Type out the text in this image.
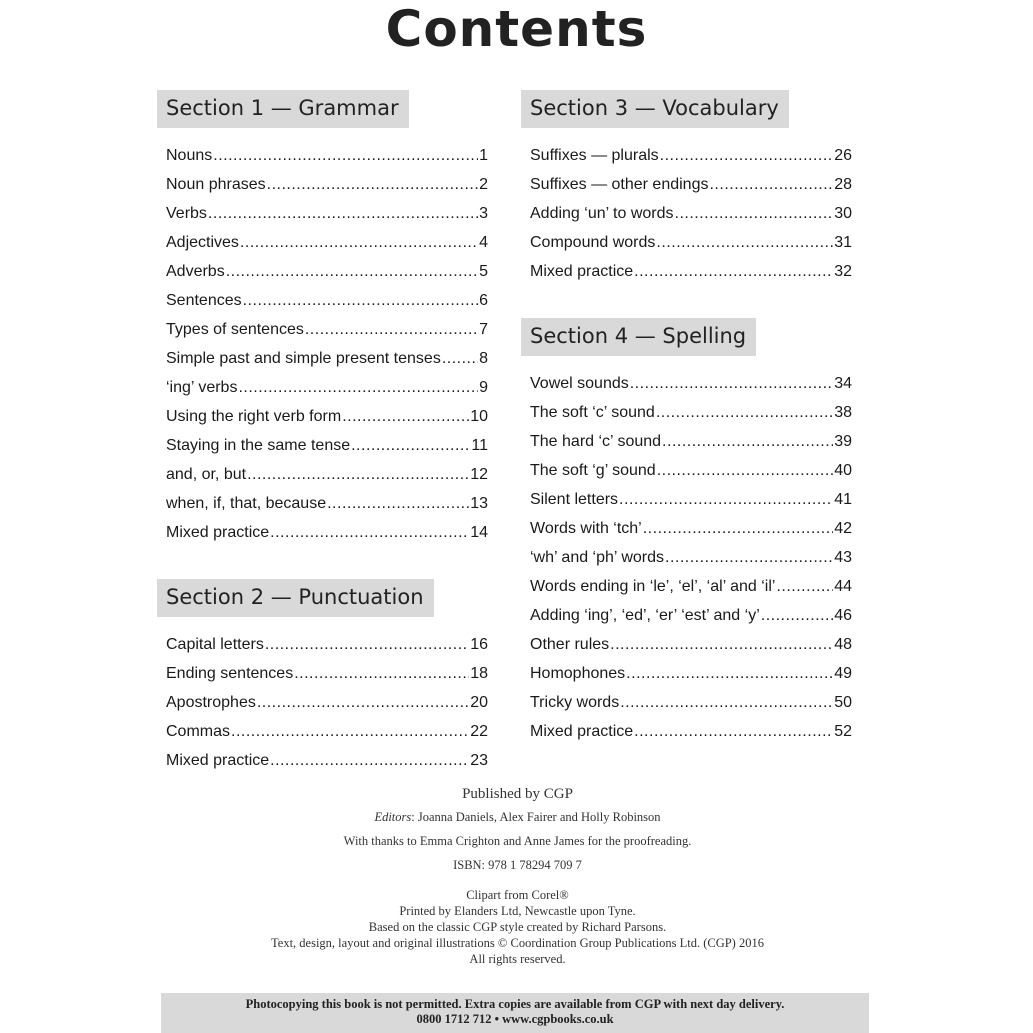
Contents
Section 1 — Grammar
Nouns .....	1
Noun phrases .....	2
Verbs .....	3
Adjectives .....	4
Adverbs .....	5
Sentences .....	6
Types of sentences .....	7
Simple past and simple present tenses ..... 8
‘ing’ verbs .....	9
Using the right verb form .....	10
Staying in the same tense .....	11
and, or, but .....	12
when, if, that, because .....	13
Mixed practice .....	14
Section 2 — Punctuation
Capital letters .....	16
Ending sentences .....	18
Apostrophes .....	20
Commas .....	22
Mixed practice .....	23
Section 3 — Vocabulary
Suffixes — plurals .....	26
Suffixes — other endings .....	28
Adding ‘un’ to words .....	30
Compound words .....	31
Mixed practice .....	32
Section 4 — Spelling
Vowel sounds .....	34
The soft ‘c’ sound .....	38
The hard ‘c’ sound .....	39
The soft ‘g’ sound .....	40
Silent letters .....	41
Words with ‘tch’ .....	42
‘wh’ and ‘ph’ words .....	43
Words ending in ‘le’, ‘el’, ‘al’ and ‘il’ .....	44
Adding ‘ing’, ‘ed’, ‘er’ ‘est’ and ‘y’ .....	46
Other rules .....	48
Homophones .....	49
Tricky words .....	50
Mixed practice .....	52
Published by CGP
Editors: Joanna Daniels, Alex Fairer and Holly Robinson
With thanks to Emma Crighton and Anne James for the proofreading.
ISBN: 978 1 78294 709 7
Clipart from Corel®
Printed by Elanders Ltd, Newcastle upon Tyne.
Based on the classic CGP style created by Richard Parsons.
Text, design, layout and original illustrations © Coordination Group Publications Ltd. (CGP) 2016
All rights reserved.
Photocopying this book is not permitted. Extra copies are available from CGP with next day delivery.
0800 1712 712 • www.cgpbooks.co.uk
